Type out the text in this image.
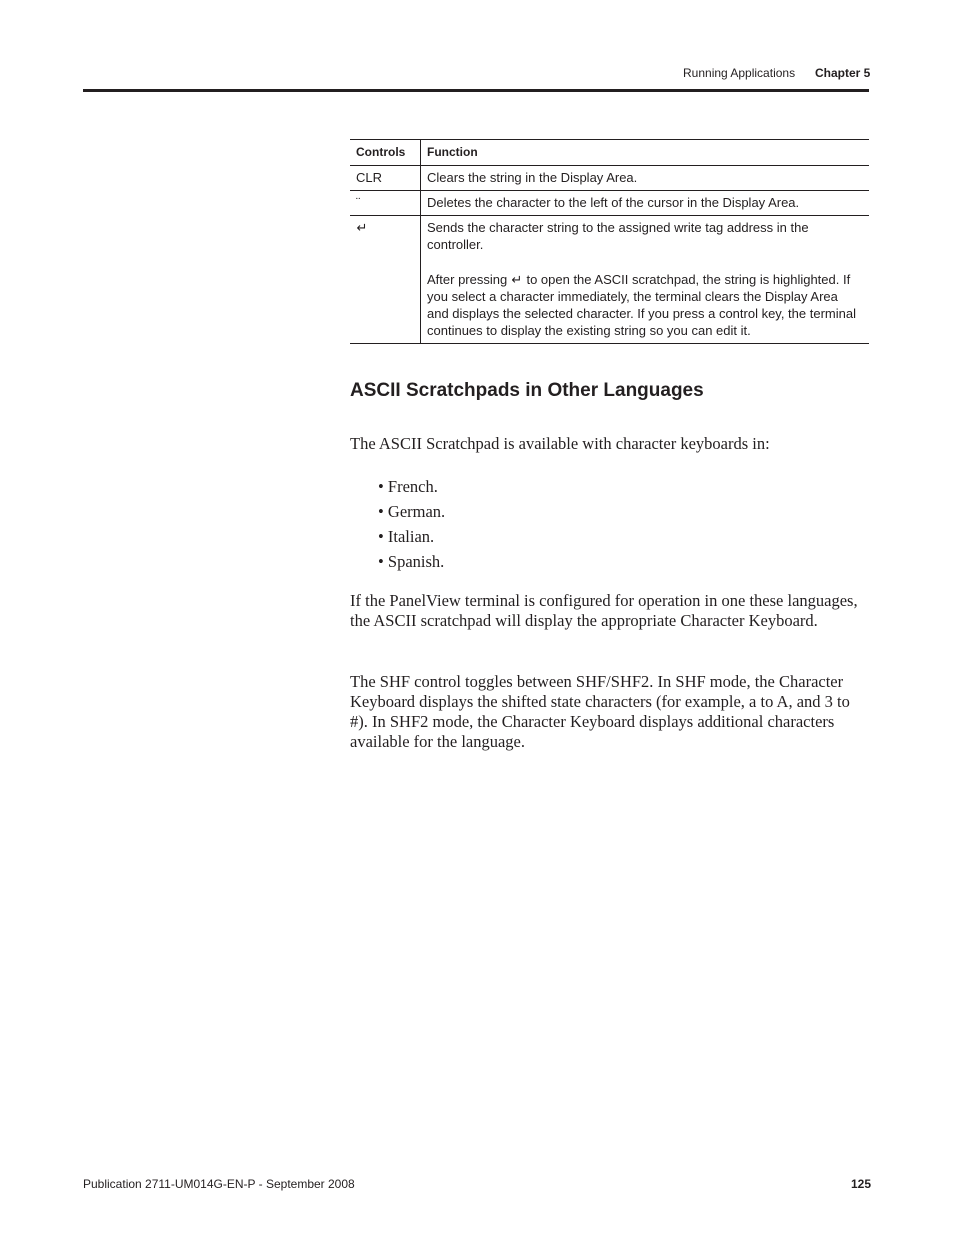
Running Applications Chapter 5
Controls	Function
CLR	Clears the string in the Display Area.
¨	Deletes the character to the left of the cursor in the Display Area.
↵	Sends the character string to the assigned write tag address in the controller.

After pressing ↵ to open the ASCII scratchpad, the string is highlighted. If you select a character immediately, the terminal clears the Display Area and displays the selected character. If you press a control key, the terminal continues to display the existing string so you can edit it.

ASCII Scratchpads in Other Languages

The ASCII Scratchpad is available with character keyboards in:

• French.
• German.
• Italian.
• Spanish.

If the PanelView terminal is configured for operation in one these languages, the ASCII scratchpad will display the appropriate Character Keyboard.

The SHF control toggles between SHF/SHF2. In SHF mode, the Character Keyboard displays the shifted state characters (for example, a to A, and 3 to #). In SHF2 mode, the Character Keyboard displays additional characters available for the language.

Publication 2711-UM014G-EN-P - September 2008	125
